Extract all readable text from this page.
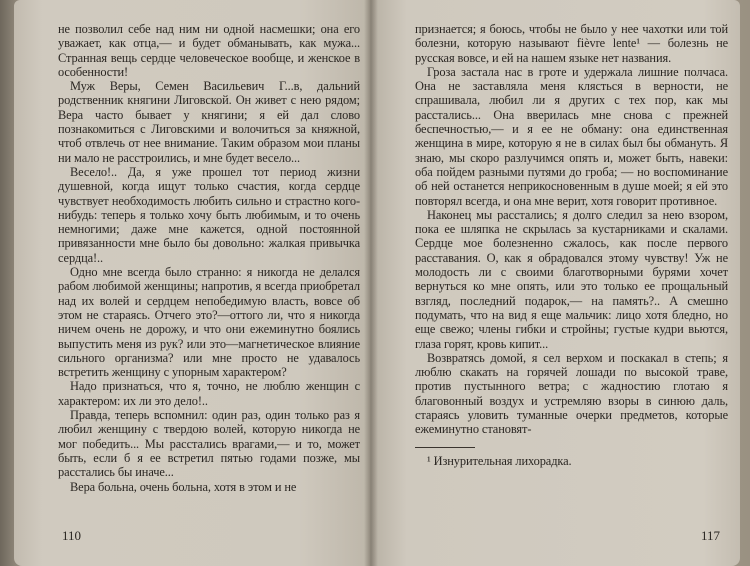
не позволил себе над ним ни одной насмешки; она его уважает, как отца,— и будет обманывать, как мужа... Странная вещь сердце человеческое вообще, и женское в особенности!

Муж Веры, Семен Васильевич Г...в, дальний родственник княгини Лиговской. Он живет с нею рядом; Вера часто бывает у княгини; я ей дал слово познакомиться с Лиговскими и волочиться за княжной, чтоб отвлечь от нее внимание. Таким образом мои планы ни мало не расстроились, и мне будет весело...

Весело!.. Да, я уже прошел тот период жизни душевной, когда ищут только счастия, когда сердце чувствует необходимость любить сильно и страстно кого-нибудь: теперь я только хочу быть любимым, и то очень немногими; даже мне кажется, одной постоянной привязанности мне было бы довольно: жалкая привычка сердца!..

Одно мне всегда было странно: я никогда не делался рабом любимой женщины; напротив, я всегда приобретал над их волей и сердцем непобедимую власть, вовсе об этом не стараясь. Отчего это?—оттого ли, что я никогда ничем очень не дорожу, и что они ежеминутно боялись выпустить меня из рук? или это—магнетическое влияние сильного организма? или мне просто не удавалось встретить женщину с упорным характером?

Надо признаться, что я, точно, не люблю женщин с характером: их ли это дело!..

Правда, теперь вспомнил: один раз, один только раз я любил женщину с твердою волей, которую никогда не мог победить... Мы расстались врагами,— и то, может быть, если б я ее встретил пятью годами позже, мы расстались бы иначе...

Вера больна, очень больна, хотя в этом и не

110

признается; я боюсь, чтобы не было у нее чахотки или той болезни, которую называют fièvre lente¹ — болезнь не русская вовсе, и ей на нашем языке нет названия.

Гроза застала нас в гроте и удержала лишние полчаса. Она не заставляла меня клясться в верности, не спрашивала, любил ли я других с тех пор, как мы расстались... Она вверилась мне снова с прежней беспечностью,— и я ее не обману: она единственная женщина в мире, которую я не в силах был бы обмануть. Я знаю, мы скоро разлучимся опять и, может быть, навеки: оба пойдем разными путями до гроба; — но воспоминание об ней останется неприкосновенным в душе моей; я ей это повторял всегда, и она мне верит, хотя говорит противное.

Наконец мы расстались; я долго следил за нею взором, пока ее шляпка не скрылась за кустарниками и скалами. Сердце мое болезненно сжалось, как после первого расставания. О, как я обрадовался этому чувству! Уж не молодость ли с своими благотворными бурями хочет вернуться ко мне опять, или это только ее прощальный взгляд, последний подарок,— на память?.. А смешно подумать, что на вид я еще мальчик: лицо хотя бледно, но еще свежо; члены гибки и стройны; густые кудри вьются, глаза горят, кровь кипит...

Возвратясь домой, я сел верхом и поскакал в степь; я люблю скакать на горячей лошади по высокой траве, против пустынного ветра; с жадностию глотаю я благовонный воздух и устремляю взоры в синюю даль, стараясь уловить туманные очерки предметов, которые ежеминутно становят-

¹ Изнурительная лихорадка.

117
